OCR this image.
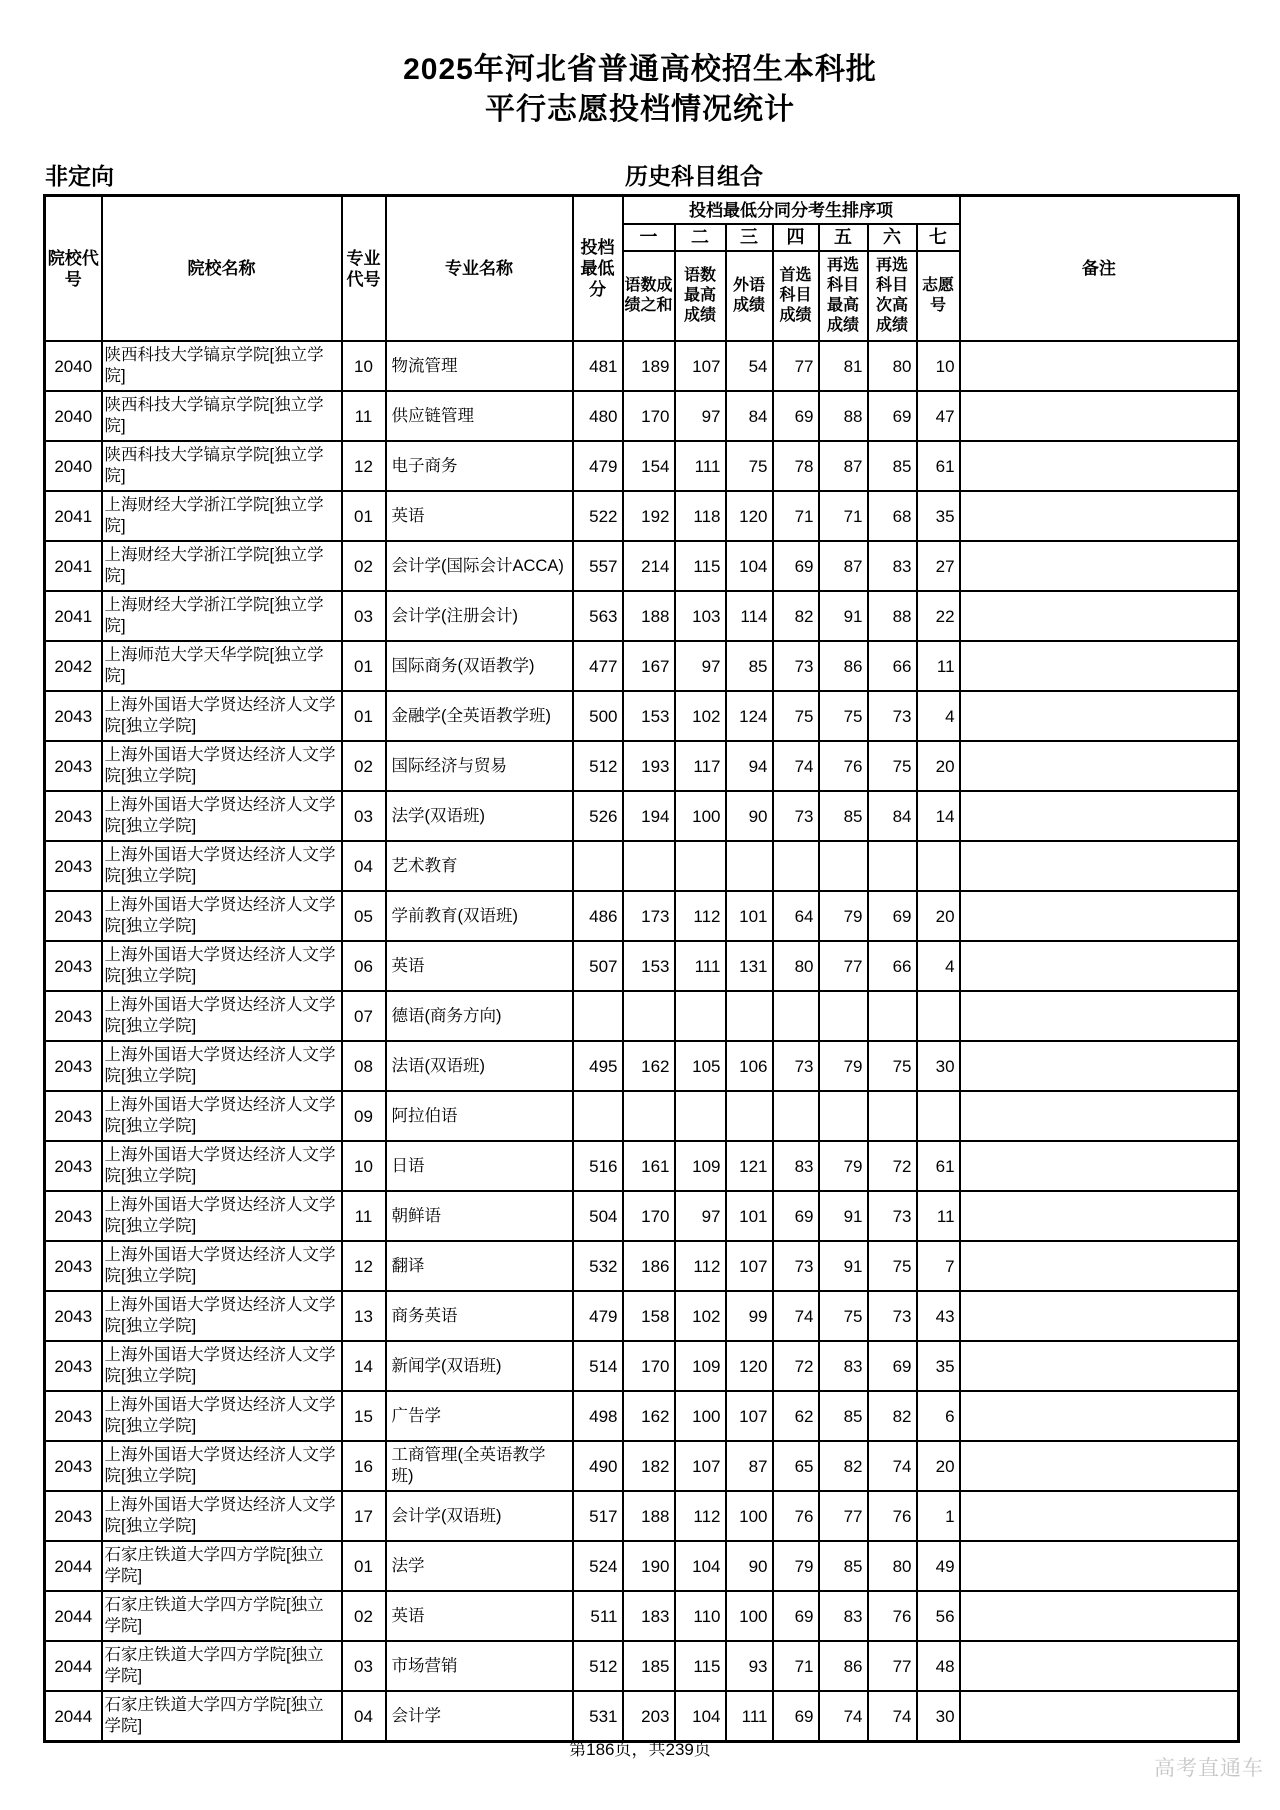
2025年河北省普通高校招生本科批
平行志愿投档情况统计
非定向	历史科目组合
院校代号	院校名称	专业代号	专业名称	投档最低分	投档最低分同分考生排序项							备注
					一	二	三	四	五	六	七	
					语数成绩之和	语数最高成绩	外语成绩	首选科目成绩	再选科目最高成绩	再选科目次高成绩	志愿号	
2040	陕西科技大学镐京学院[独立学院]	10	物流管理	481	189	107	54	77	81	80	10	
2040	陕西科技大学镐京学院[独立学院]	11	供应链管理	480	170	97	84	69	88	69	47	
2040	陕西科技大学镐京学院[独立学院]	12	电子商务	479	154	111	75	78	87	85	61	
2041	上海财经大学浙江学院[独立学院]	01	英语	522	192	118	120	71	71	68	35	
2041	上海财经大学浙江学院[独立学院]	02	会计学(国际会计ACCA)	557	214	115	104	69	87	83	27	
2041	上海财经大学浙江学院[独立学院]	03	会计学(注册会计)	563	188	103	114	82	91	88	22	
2042	上海师范大学天华学院[独立学院]	01	国际商务(双语教学)	477	167	97	85	73	86	66	11	
2043	上海外国语大学贤达经济人文学院[独立学院]	01	金融学(全英语教学班)	500	153	102	124	75	75	73	4	
2043	上海外国语大学贤达经济人文学院[独立学院]	02	国际经济与贸易	512	193	117	94	74	76	75	20	
2043	上海外国语大学贤达经济人文学院[独立学院]	03	法学(双语班)	526	194	100	90	73	85	84	14	
2043	上海外国语大学贤达经济人文学院[独立学院]	04	艺术教育									
2043	上海外国语大学贤达经济人文学院[独立学院]	05	学前教育(双语班)	486	173	112	101	64	79	69	20	
2043	上海外国语大学贤达经济人文学院[独立学院]	06	英语	507	153	111	131	80	77	66	4	
2043	上海外国语大学贤达经济人文学院[独立学院]	07	德语(商务方向)									
2043	上海外国语大学贤达经济人文学院[独立学院]	08	法语(双语班)	495	162	105	106	73	79	75	30	
2043	上海外国语大学贤达经济人文学院[独立学院]	09	阿拉伯语									
2043	上海外国语大学贤达经济人文学院[独立学院]	10	日语	516	161	109	121	83	79	72	61	
2043	上海外国语大学贤达经济人文学院[独立学院]	11	朝鲜语	504	170	97	101	69	91	73	11	
2043	上海外国语大学贤达经济人文学院[独立学院]	12	翻译	532	186	112	107	73	91	75	7	
2043	上海外国语大学贤达经济人文学院[独立学院]	13	商务英语	479	158	102	99	74	75	73	43	
2043	上海外国语大学贤达经济人文学院[独立学院]	14	新闻学(双语班)	514	170	109	120	72	83	69	35	
2043	上海外国语大学贤达经济人文学院[独立学院]	15	广告学	498	162	100	107	62	85	82	6	
2043	上海外国语大学贤达经济人文学院[独立学院]	16	工商管理(全英语教学班)	490	182	107	87	65	82	74	20	
2043	上海外国语大学贤达经济人文学院[独立学院]	17	会计学(双语班)	517	188	112	100	76	77	76	1	
2044	石家庄铁道大学四方学院[独立学院]	01	法学	524	190	104	90	79	85	80	49	
2044	石家庄铁道大学四方学院[独立学院]	02	英语	511	183	110	100	69	83	76	56	
2044	石家庄铁道大学四方学院[独立学院]	03	市场营销	512	185	115	93	71	86	77	48	
2044	石家庄铁道大学四方学院[独立学院]	04	会计学	531	203	104	111	69	74	74	30	
第186页，共239页
高考直通车
